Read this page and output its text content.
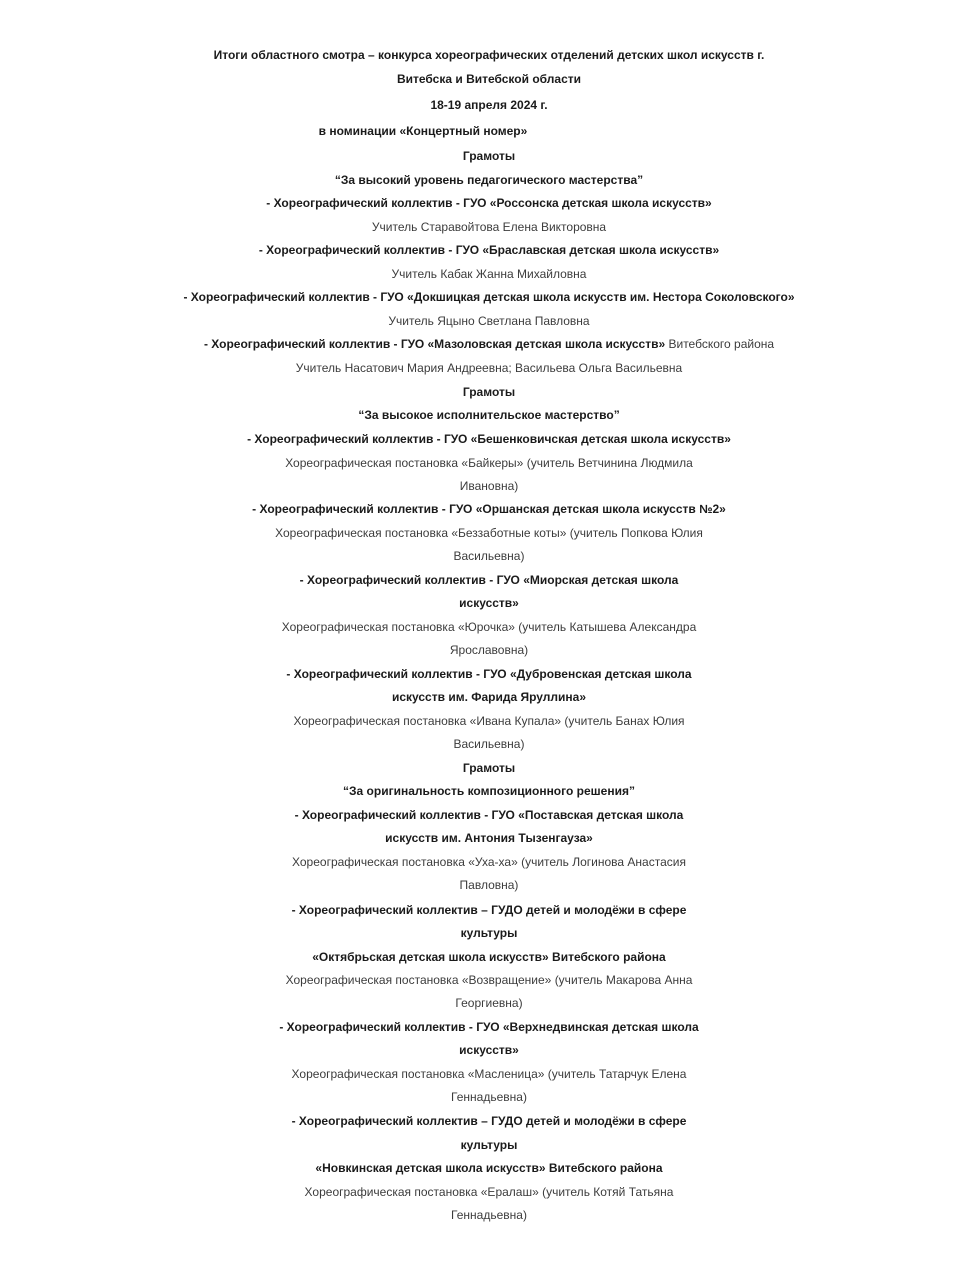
Итоги областного смотра – конкурса хореографических отделений детских школ искусств г.
Витебска и Витебской области
18-19 апреля 2024 г.
в номинации «Концертный номер»
Грамоты
“За высокий уровень педагогического мастерства”
- Хореографический коллектив - ГУО «Россонска детская школа искусств»
Учитель Старавойтова Елена Викторовна
- Хореографический коллектив - ГУО «Браславская детская школа искусств»
Учитель Кабак Жанна Михайловна
- Хореографический коллектив - ГУО «Докшицкая детская школа искусств им. Нестора Соколовского»
Учитель Яцыно Светлана Павловна
- Хореографический коллектив - ГУО «Мазоловская детская школа искусств» Витебского района
Учитель Насатович Мария Андреевна; Васильева Ольга Васильевна
Грамоты
“За высокое исполнительское мастерство”
- Хореографический коллектив - ГУО «Бешенковичская детская школа искусств»
Хореографическая постановка «Байкеры» (учитель Ветчинина Людмила
Ивановна)
- Хореографический коллектив - ГУО «Оршанская детская школа искусств №2»
Хореографическая постановка «Беззаботные коты» (учитель Попкова Юлия
Васильевна)
- Хореографический коллектив - ГУО «Миорская детская школа
искусств»
Хореографическая постановка «Юрочка» (учитель Катышева Александра
Ярославовна)
- Хореографический коллектив - ГУО «Дубровенская детская школа
искусств им. Фарида Яруллина»
Хореографическая постановка «Ивана Купала» (учитель Банах Юлия
Васильевна)
Грамоты
“За оригинальность композиционного решения”
- Хореографический коллектив - ГУО «Поставская детская школа
искусств им. Антония Тызенгауза»
Хореографическая постановка «Уха-ха» (учитель Логинова Анастасия
Павловна)
- Хореографический коллектив – ГУДО детей и молодёжи в сфере
культуры
«Октябрьская детская школа искусств» Витебского района
Хореографическая постановка «Возвращение» (учитель Макарова Анна
Георгиевна)
- Хореографический коллектив - ГУО «Верхнедвинская детская школа
искусств»
Хореографическая постановка «Масленица» (учитель Татарчук Елена
Геннадьевна)
- Хореографический коллектив – ГУДО детей и молодёжи в сфере
культуры
«Новкинская детская школа искусств» Витебского района
Хореографическая постановка «Ералаш» (учитель Котяй Татьяна
Геннадьевна)
